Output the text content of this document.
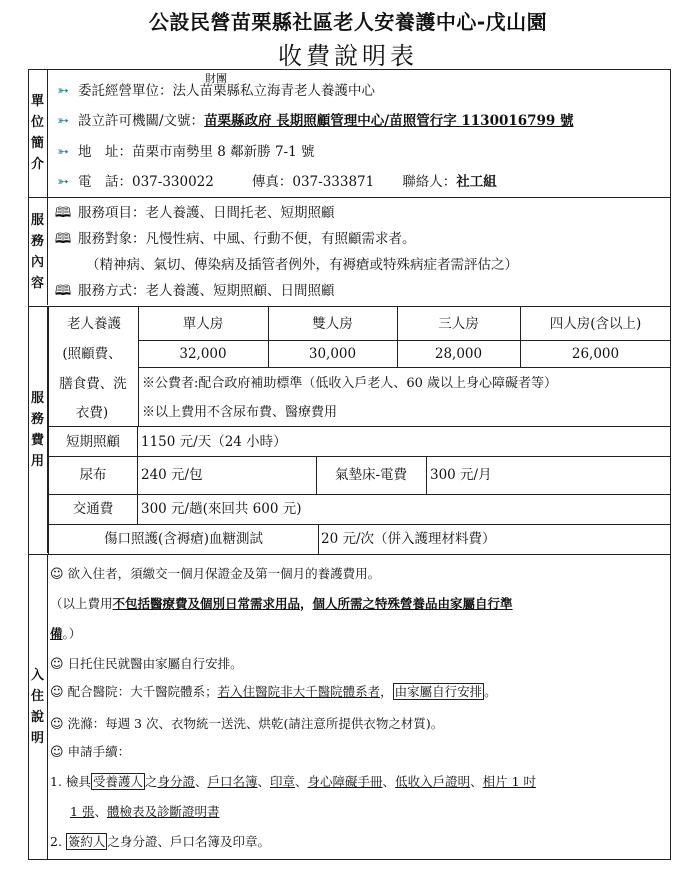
公設民營苗栗縣社區老人安養護中心-戊山園
收費說明表
單
位
簡
介
➳ 委託經營單位：法人苗栗縣私立海青老人養護中心
財團
➳ 設立許可機關/文號：苗栗縣政府 長期照顧管理中心/苗照管行字 1130016799 號
➳ 地　址：苗栗市南勢里 8 鄰新勝 7-1 號
➳ 電　話：037-330022	傳真：037-333871 聯絡人：社工組
服
務
內
容
🕮 服務項目：老人養護、日間托老、短期照顧
🕮 服務對象：凡慢性病、中風、行動不便，有照顧需求者。
（精神病、氣切、傳染病及插管者例外，有褥瘡或特殊病症者需評估之）
🕮 服務方式：老人養護、短期照顧、日間照顧
服
務
費
用
老人養護
(照顧費、
膳食費、洗
衣費)
單人房	雙人房	三人房	四人房(含以上)
32,000	30,000	28,000	26,000
※公費者:配合政府補助標準（低收入戶老人、60 歲以上身心障礙者等）
※以上費用不含尿布費、醫療費用
短期照顧	1150 元/天（24 小時）
尿布	240 元/包	氣墊床-電費	300 元/月
交通費	300 元/趟(來回共 600 元)
傷口照護(含褥瘡)血糖測試	20 元/次（併入護理材料費）
入
住
說
明
☺ 欲入住者，須繳交一個月保證金及第一個月的養護費用。
（以上費用不包括醫療費及個別日常需求用品，個人所需之特殊營養品由家屬自行準
備。）
☺ 日托住民就醫由家屬自行安排。
☺ 配合醫院：大千醫院體系；若入住醫院非大千醫院體系者， 由家屬自行安排 。
☺ 洗滌：每週 3 次、衣物統一送洗、烘乾(請注意所提供衣物之材質)。
☺ 申請手續：
1. 檢具 受養護人 之身分證、戶口名簿、印章、身心障礙手冊、低收入戶證明、相片 1 吋
1 張、體檢表及診斷證明書
2. 簽約人 之身分證、戶口名簿及印章。
